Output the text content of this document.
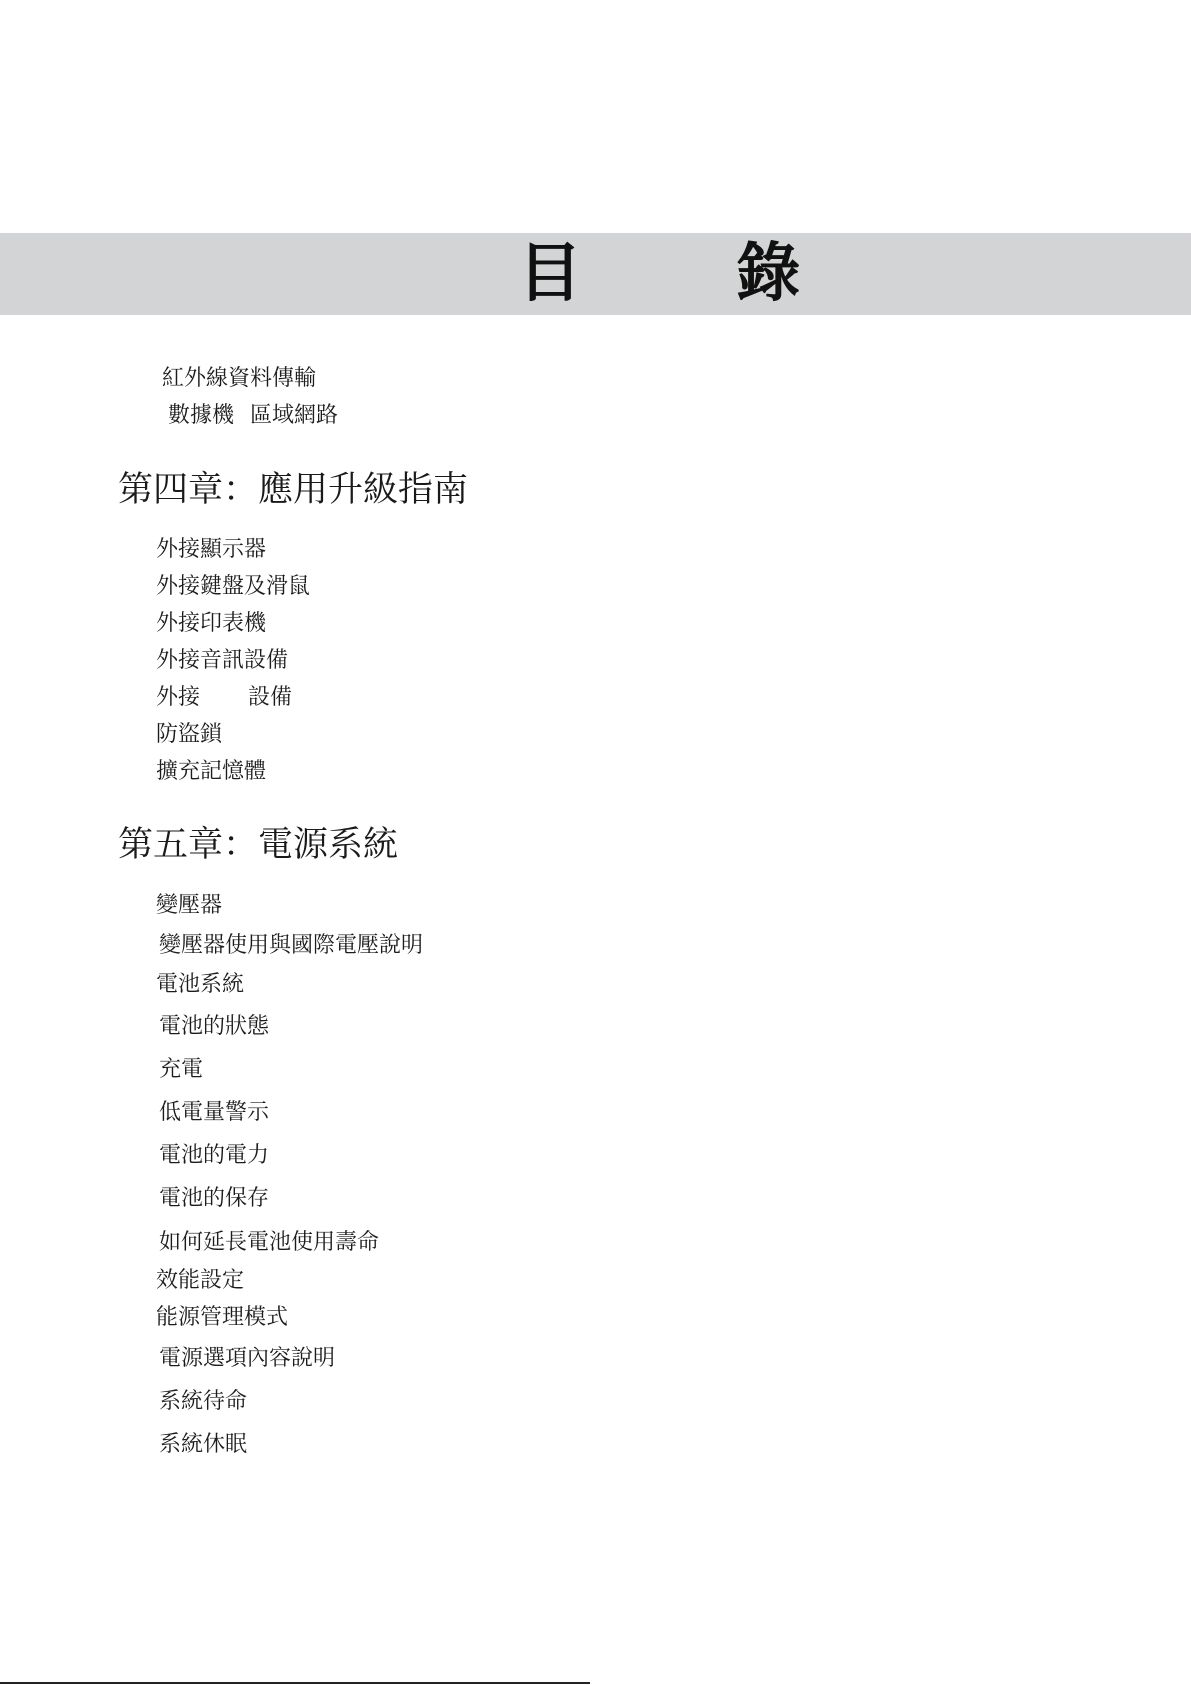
目 錄
紅外線資料傳輸
數據機 區域網路
第四章：應用升級指南
外接顯示器
外接鍵盤及滑鼠
外接印表機
外接音訊設備
外接 設備
防盜鎖
擴充記憶體
第五章：電源系統
變壓器
變壓器使用與國際電壓說明
電池系統
電池的狀態
充電
低電量警示
電池的電力
電池的保存
如何延長電池使用壽命
效能設定
能源管理模式
電源選項內容說明
系統待命
系統休眠
